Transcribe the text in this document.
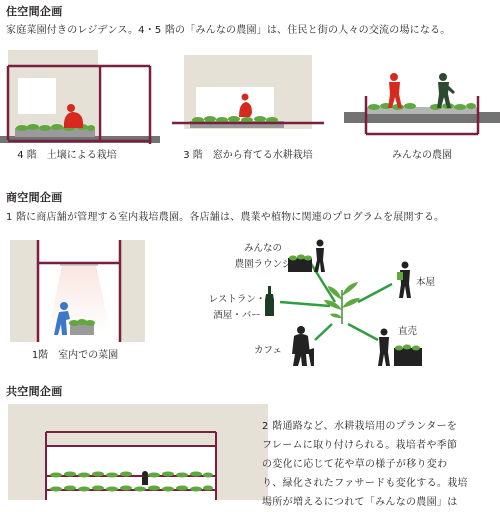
住空間企画
家庭菜園付きのレジデンス。4・5 階の「みんなの農園」は、住民と街の人々の交流の場になる。
4 階　土壌による栽培	3 階　窓から育てる水耕栽培	みんなの農園
商空間企画
1 階に商店舗が管理する室内栽培農園。各店舗は、農業や植物に関連のプログラムを展開する。
1階　室内での菜園
みんなの
農園ラウンジ
本屋
レストラン・
酒屋・バー
直売
カフェ
共空間企画
2 階通路など、水耕栽培用のプランターを
フレームに取り付けられる。栽培者や季節
の変化に応じて花や草の様子が移り変わ
り、緑化されたファサードも変化する。栽培
場所が増えるにつれて「みんなの農園」は
